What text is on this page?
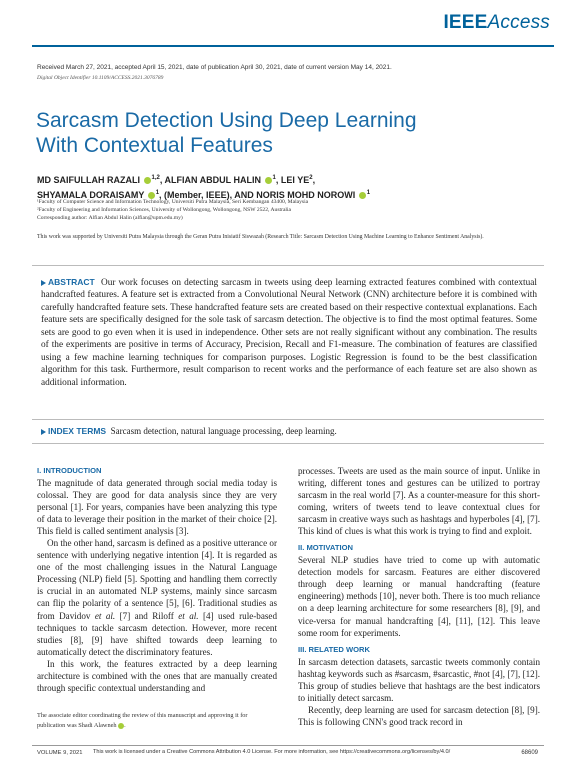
IEEEAccess
Received March 27, 2021, accepted April 15, 2021, date of publication April 30, 2021, date of current version May 14, 2021.
Digital Object Identifier 10.1109/ACCESS.2021.3076789
Sarcasm Detection Using Deep Learning
With Contextual Features
MD SAIFULLAH RAZALI $^{1,2}$, ALFIAN ABDUL HALIN $^1$, LEI $YE^2$,
SHYAMALA DORAISAMY $^1$, (Member, IEEE), AND NORIS MOHD NOROWI $^1$
¹Faculty of Computer Science and Information Technology, Universiti Putra Malaysia, Seri Kembangan 43400, Malaysia
²Faculty of Engineering and Information Sciences, University of Wollongong, Wollongong, NSW 2522, Australia
Corresponding author: Alfian Abdul Halin (alfian@upm.edu.my)
This work was supported by Universiti Putra Malaysia through the Geran Putra Inisiatif Siswazah (Research Title: Sarcasm Detection Using Machine Learning to Enhance Sentiment Analysis).
ABSTRACT Our work focuses on detecting sarcasm in tweets using deep learning extracted features combined with contextual handcrafted features. A feature set is extracted from a Convolutional Neural Network (CNN) architecture before it is combined with carefully handcrafted feature sets. These handcrafted feature sets are created based on their respective contextual explanations. Each feature sets are specifically designed for the sole task of sarcasm detection. The objective is to find the most optimal features. Some sets are good to go even when it is used in independence. Other sets are not really significant without any combination. The results of the experiments are positive in terms of Accuracy, Precision, Recall and F1-measure. The combination of features are classified using a few machine learning techniques for comparison purposes. Logistic Regression is found to be the best classification algorithm for this task. Furthermore, result comparison to recent works and the performance of each feature set are also shown as additional information.
INDEX TERMS Sarcasm detection, natural language processing, deep learning.

I. INTRODUCTION

The magnitude of data generated through social media today is colossal. They are good for data analysis since they are very personal [1]. For years, companies have been analyzing this type of data to leverage their position in the market of their choice [2]. This field is called sentiment analysis [3].

On the other hand, sarcasm is defined as a positive utterance or sentence with underlying negative intention [4]. It is regarded as one of the most challenging issues in the Natural Language Processing (NLP) field [5]. Spotting and handling them correctly is crucial in an automated NLP systems, mainly since sarcasm can flip the polarity of a sentence [5], [6]. Traditional studies as from Davidov et al. [7] and Riloff et al. [4] used rule-based techniques to tackle sarcasm detection. However, more recent studies [8], [9] have shifted towards deep learning to automatically detect the discriminatory features.

In this work, the features extracted by a deep learning architecture is combined with the ones that are manually created through specific contextual understanding and

The associate editor coordinating the review of this manuscript and approving it for publication was Shadi Alawneh .

processes. Tweets are used as the main source of input. Unlike in writing, different tones and gestures can be utilized to portray sarcasm in the real world [7]. As a counter-measure for this short-coming, writers of tweets tend to leave contextual clues for sarcasm in creative ways such as hashtags and hyperboles [4], [7]. This kind of clues is what this work is trying to find and exploit.

II. MOTIVATION

Several NLP studies have tried to come up with automatic detection models for sarcasm. Features are either discovered through deep learning or manual handcrafting (feature engineering) methods [10], never both. There is too much reliance on a deep learning architecture for some researchers [8], [9], and vice-versa for manual handcrafting [4], [11], [12]. This leave some room for experiments.

III. RELATED WORK

In sarcasm detection datasets, sarcastic tweets commonly contain hashtag keywords such as #sarcasm, #sarcastic, #not [4], [7], [12]. This group of studies believe that hashtags are the best indicators to initially detect sarcasm.

Recently, deep learning are used for sarcasm detection [8], [9]. This is following CNN's good track record in

VOLUME 9, 2021 This work is licensed under a Creative Commons Attribution 4.0 License. For more information, see https://creativecommons.org/licenses/by/4.0/	68609
